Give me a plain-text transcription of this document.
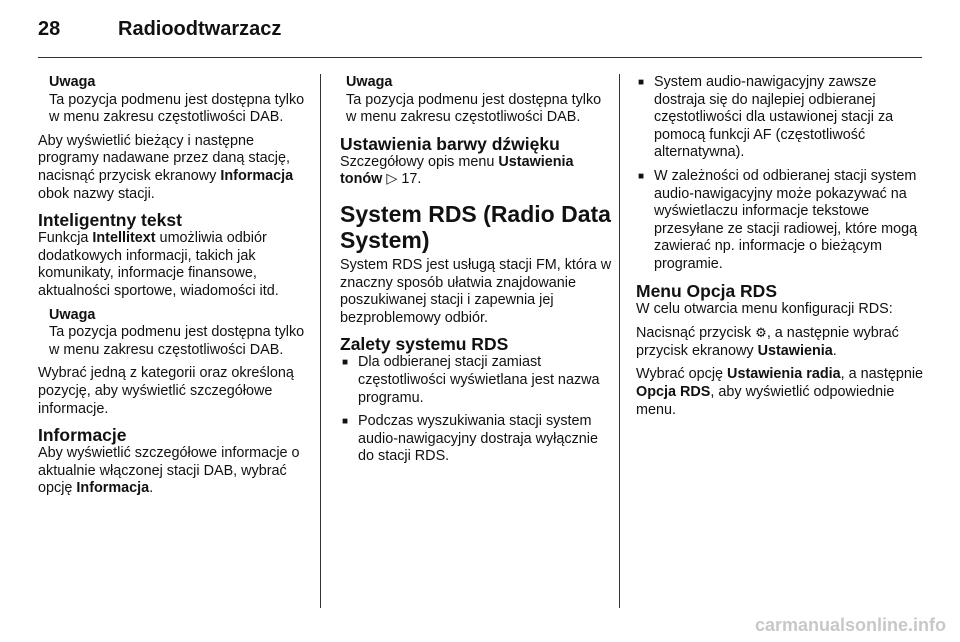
28	Radioodtwarzacz
Uwaga
Ta pozycja podmenu jest dostępna tylko w menu zakresu częstotliwości DAB.

Aby wyświetlić bieżący i następne programy nadawane przez daną stację, nacisnąć przycisk ekranowy Informacja obok nazwy stacji.

Inteligentny tekst

Funkcja Intellitext umożliwia odbiór dodatkowych informacji, takich jak komunikaty, informacje finansowe, aktualności sportowe, wiadomości itd.

Uwaga
Ta pozycja podmenu jest dostępna tylko w menu zakresu częstotliwości DAB.

Wybrać jedną z kategorii oraz określoną pozycję, aby wyświetlić szczegółowe informacje.

Informacje

Aby wyświetlić szczegółowe informacje o aktualnie włączonej stacji DAB, wybrać opcję Informacja.

Uwaga
Ta pozycja podmenu jest dostępna tylko w menu zakresu częstotliwości DAB.
Ustawienia barwy dźwięku

Szczegółowy opis menu Ustawienia tonów ▷ 17.

System RDS (Radio Data System)

System RDS jest usługą stacji FM, która w znaczny sposób ułatwia znajdowanie poszukiwanej stacji i zapewnia jej bezproblemowy odbiór.

Zalety systemu RDS
■ Dla odbieranej stacji zamiast częstotliwości wyświetlana jest nazwa programu.
■ Podczas wyszukiwania stacji system audio-nawigacyjny dostraja wyłącznie do stacji RDS.
■ System audio-nawigacyjny zawsze dostraja się do najlepiej odbieranej częstotliwości dla ustawionej stacji za pomocą funkcji AF (częstotliwość alternatywna).
■ W zależności od odbieranej stacji system audio-nawigacyjny może pokazywać na wyświetlaczu informacje tekstowe przesyłane ze stacji radiowej, które mogą zawierać np. informacje o bieżącym programie.
Menu Opcja RDS

W celu otwarcia menu konfiguracji RDS:

Nacisnąć przycisk ⚙, a następnie wybrać przycisk ekranowy Ustawienia.

Wybrać opcję Ustawienia radia, a następnie Opcja RDS, aby wyświetlić odpowiednie menu.

carmanualsonline.info
